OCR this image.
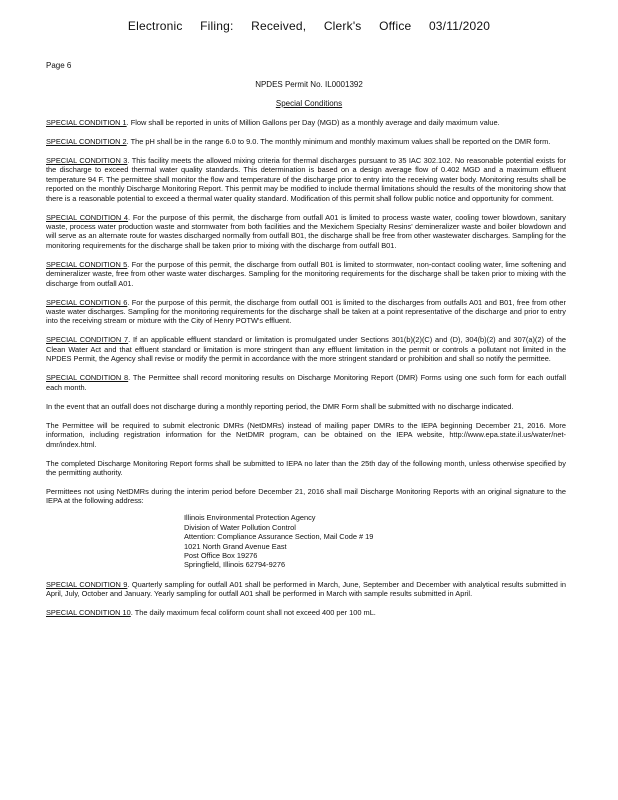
Electronic Filing: Received, Clerk's Office 03/11/2020
Page 6
NPDES Permit No. IL0001392
Special Conditions

SPECIAL CONDITION 1. Flow shall be reported in units of Million Gallons per Day (MGD) as a monthly average and daily maximum value.

SPECIAL CONDITION 2. The pH shall be in the range 6.0 to 9.0. The monthly minimum and monthly maximum values shall be reported on the DMR form.

SPECIAL CONDITION 3. This facility meets the allowed mixing criteria for thermal discharges pursuant to 35 IAC 302.102. No reasonable potential exists for the discharge to exceed thermal water quality standards. This determination is based on a design average flow of 0.402 MGD and a maximum effluent temperature 94 F. The permittee shall monitor the flow and temperature of the discharge prior to entry into the receiving water body. Monitoring results shall be reported on the monthly Discharge Monitoring Report. This permit may be modified to include thermal limitations should the results of the monitoring show that there is a reasonable potential to exceed a thermal water quality standard. Modification of this permit shall follow public notice and opportunity for comment.

SPECIAL CONDITION 4. For the purpose of this permit, the discharge from outfall A01 is limited to process waste water, cooling tower blowdown, sanitary waste, process water production waste and stormwater from both facilities and the Mexichem Specialty Resins' demineralizer waste and boiler blowdown and will serve as an alternate route for wastes discharged normally from outfall B01, the discharge shall be free from other wastewater discharges. Sampling for the monitoring requirements for the discharge shall be taken prior to mixing with the discharge from outfall B01.

SPECIAL CONDITION 5. For the purpose of this permit, the discharge from outfall B01 is limited to stormwater, non-contact cooling water, lime softening and demineralizer waste, free from other waste water discharges. Sampling for the monitoring requirements for the discharge shall be taken prior to mixing with the discharge from outfall A01.

SPECIAL CONDITION 6. For the purpose of this permit, the discharge from outfall 001 is limited to the discharges from outfalls A01 and B01, free from other waste water discharges. Sampling for the monitoring requirements for the discharge shall be taken at a point representative of the discharge and prior to entry into the receiving stream or mixture with the City of Henry POTW's effluent.

SPECIAL CONDITION 7. If an applicable effluent standard or limitation is promulgated under Sections 301(b)(2)(C) and (D), 304(b)(2) and 307(a)(2) of the Clean Water Act and that effluent standard or limitation is more stringent than any effluent limitation in the permit or controls a pollutant not limited in the NPDES Permit, the Agency shall revise or modify the permit in accordance with the more stringent standard or prohibition and shall so notify the permittee.

SPECIAL CONDITION 8. The Permittee shall record monitoring results on Discharge Monitoring Report (DMR) Forms using one such form for each outfall each month.

In the event that an outfall does not discharge during a monthly reporting period, the DMR Form shall be submitted with no discharge indicated.

The Permittee will be required to submit electronic DMRs (NetDMRs) instead of mailing paper DMRs to the IEPA beginning December 21, 2016. More information, including registration information for the NetDMR program, can be obtained on the IEPA website, http://www.epa.state.il.us/water/net-dmr/index.html.

The completed Discharge Monitoring Report forms shall be submitted to IEPA no later than the 25th day of the following month, unless otherwise specified by the permitting authority.

Permittees not using NetDMRs during the interim period before December 21, 2016 shall mail Discharge Monitoring Reports with an original signature to the IEPA at the following address:

Illinois Environmental Protection Agency
Division of Water Pollution Control
Attention: Compliance Assurance Section, Mail Code # 19
1021 North Grand Avenue East
Post Office Box 19276
Springfield, Illinois 62794-9276

SPECIAL CONDITION 9. Quarterly sampling for outfall A01 shall be performed in March, June, September and December with analytical results submitted in April, July, October and January. Yearly sampling for outfall A01 shall be performed in March with sample results submitted in April.

SPECIAL CONDITION 10. The daily maximum fecal coliform count shall not exceed 400 per 100 mL.
